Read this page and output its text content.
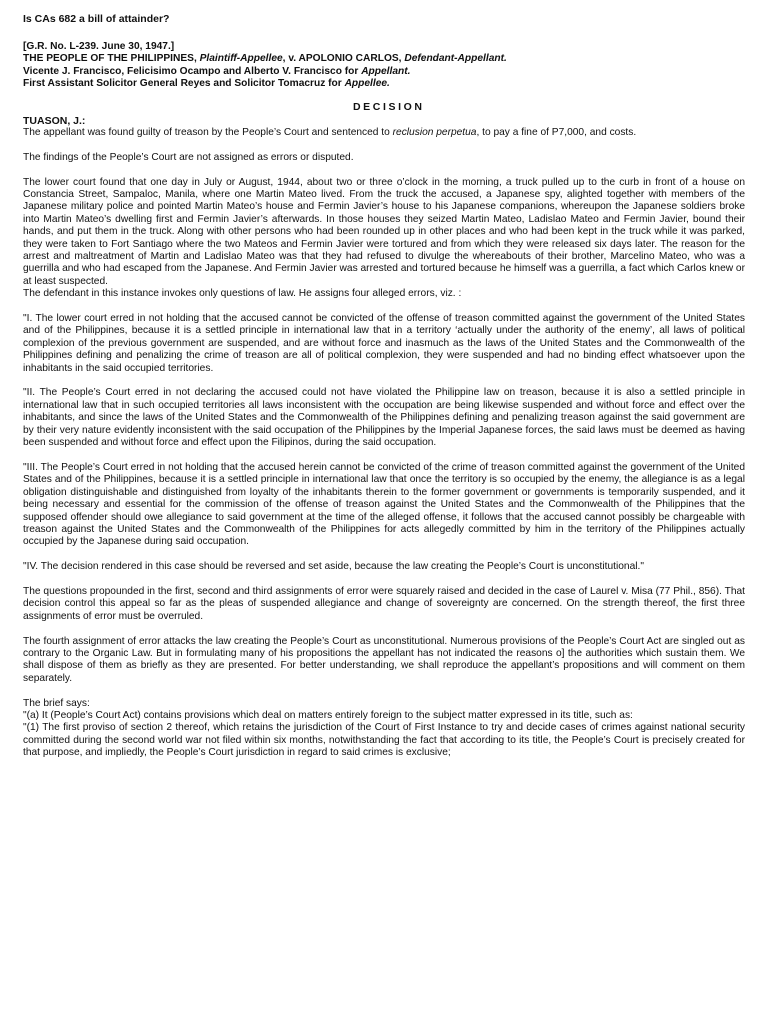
Is CAs 682 a bill of attainder?
[G.R. No. L-239. June 30, 1947.]
THE PEOPLE OF THE PHILIPPINES, Plaintiff-Appellee, v. APOLONIO CARLOS, Defendant-Appellant.
Vicente J. Francisco, Felicisimo Ocampo and Alberto V. Francisco for Appellant.
First Assistant Solicitor General Reyes and Solicitor Tomacruz for Appellee.
DECISION
TUASON, J.:

The appellant was found guilty of treason by the People’s Court and sentenced to reclusion perpetua, to pay a fine of P7,000, and costs.

The findings of the People’s Court are not assigned as errors or disputed.

The lower court found that one day in July or August, 1944, about two or three o’clock in the morning, a truck pulled up to the curb in front of a house on Constancia Street, Sampaloc, Manila, where one Martin Mateo lived. From the truck the accused, a Japanese spy, alighted together with members of the Japanese military police and pointed Martin Mateo’s house and Fermin Javier’s house to his Japanese companions, whereupon the Japanese soldiers broke into Martin Mateo’s dwelling first and Fermin Javier’s afterwards. In those houses they seized Martin Mateo, Ladislao Mateo and Fermin Javier, bound their hands, and put them in the truck. Along with other persons who had been rounded up in other places and who had been kept in the truck while it was parked, they were taken to Fort Santiago where the two Mateos and Fermin Javier were tortured and from which they were released six days later. The reason for the arrest and maltreatment of Martin and Ladislao Mateo was that they had refused to divulge the whereabouts of their brother, Marcelino Mateo, who was a guerrilla and who had escaped from the Japanese. And Fermin Javier was arrested and tortured because he himself was a guerrilla, a fact which Carlos knew or at least suspected.

The defendant in this instance invokes only questions of law. He assigns four alleged errors, viz. :

"I. The lower court erred in not holding that the accused cannot be convicted of the offense of treason committed against the government of the United States and of the Philippines, because it is a settled principle in international law that in a territory ‘actually under the authority of the enemy’, all laws of political complexion of the previous government are suspended, and are without force and inasmuch as the laws of the United States and the Commonwealth of the Philippines defining and penalizing the crime of treason are all of political complexion, they were suspended and had no binding effect whatsoever upon the inhabitants in the said occupied territories.

"II. The People’s Court erred in not declaring the accused could not have violated the Philippine law on treason, because it is also a settled principle in international law that in such occupied territories all laws inconsistent with the occupation are being likewise suspended and without force and effect over the inhabitants, and since the laws of the United States and the Commonwealth of the Philippines defining and penalizing treason against the said government are by their very nature evidently inconsistent with the said occupation of the Philippines by the Imperial Japanese forces, the said laws must be deemed as having been suspended and without force and effect upon the Filipinos, during the said occupation.

"III. The People’s Court erred in not holding that the accused herein cannot be convicted of the crime of treason committed against the government of the United States and of the Philippines, because it is a settled principle in international law that once the territory is so occupied by the enemy, the allegiance is as a legal obligation distinguishable and distinguished from loyalty of the inhabitants therein to the former government or governments is temporarily suspended, and it being necessary and essential for the commission of the offense of treason against the United States and the Commonwealth of the Philippines that the supposed offender should owe allegiance to said government at the time of the alleged offense, it follows that the accused cannot possibly be chargeable with treason against the United States and the Commonwealth of the Philippines for acts allegedly committed by him in the territory of the Philippines actually occupied by the Japanese during said occupation.

"IV. The decision rendered in this case should be reversed and set aside, because the law creating the People’s Court is unconstitutional."

The questions propounded in the first, second and third assignments of error were squarely raised and decided in the case of Laurel v. Misa (77 Phil., 856). That decision control this appeal so far as the pleas of suspended allegiance and change of sovereignty are concerned. On the strength thereof, the first three assignments of error must be overruled.

The fourth assignment of error attacks the law creating the People’s Court as unconstitutional. Numerous provisions of the People’s Court Act are singled out as contrary to the Organic Law. But in formulating many of his propositions the appellant has not indicated the reasons o] the authorities which sustain them. We shall dispose of them as briefly as they are presented. For better understanding, we shall reproduce the appellant’s propositions and will comment on them separately.

The brief says:

"(a) It (People’s Court Act) contains provisions which deal on matters entirely foreign to the subject matter expressed in its title, such as:

"(1) The first proviso of section 2 thereof, which retains the jurisdiction of the Court of First Instance to try and decide cases of crimes against national security committed during the second world war not filed within six months, notwithstanding the fact that according to its title, the People’s Court is precisely created for that purpose, and impliedly, the People’s Court jurisdiction in regard to said crimes is exclusive;
